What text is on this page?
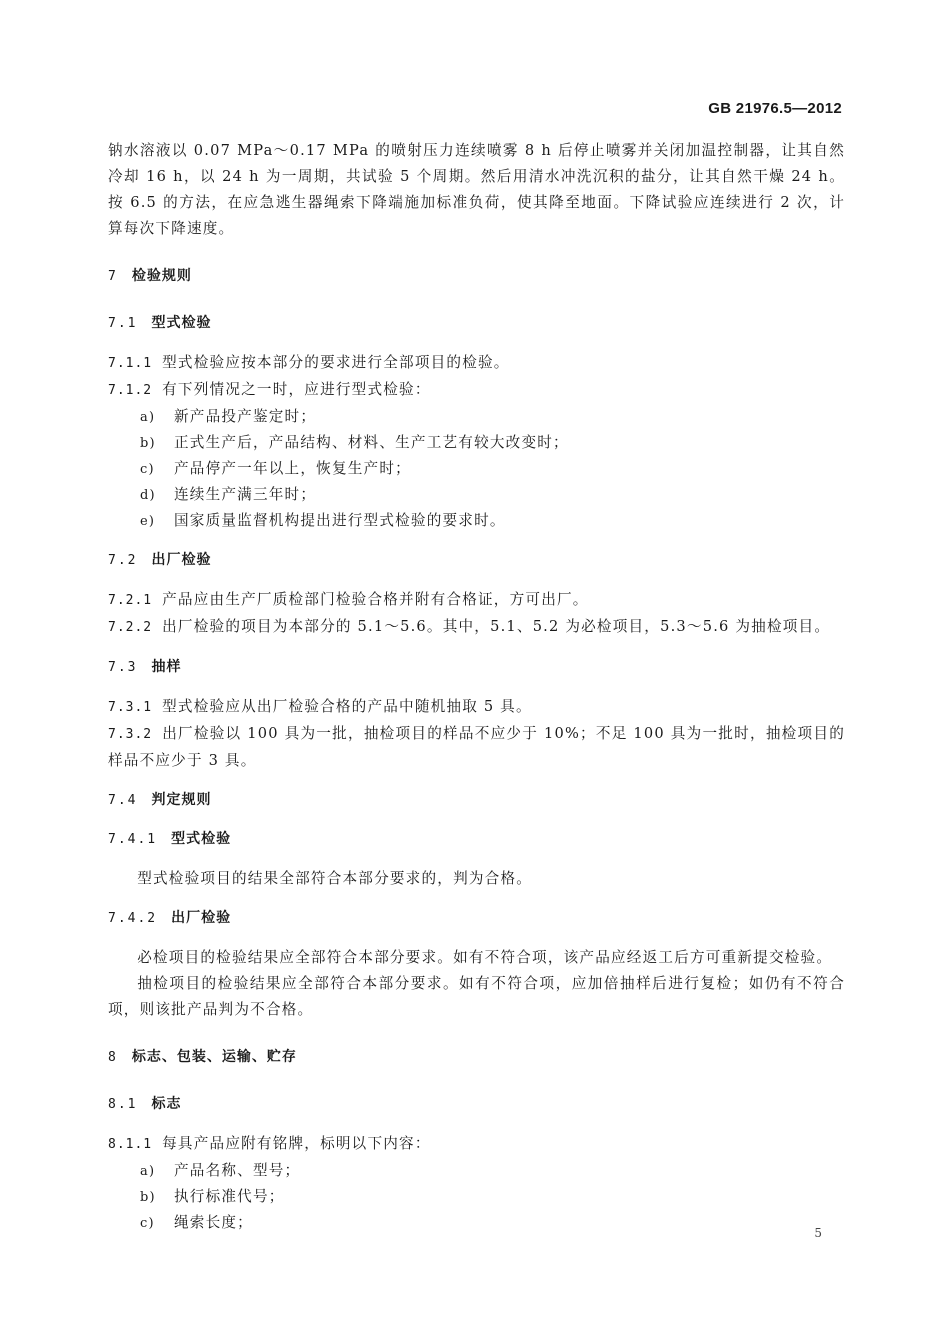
GB 21976.5—2012

钠水溶液以 0.07 MPa～0.17 MPa 的喷射压力连续喷雾 8 h 后停止喷雾并关闭加温控制器，让其自然冷却 16 h，以 24 h 为一周期，共试验 5 个周期。然后用清水冲洗沉积的盐分，让其自然干燥 24 h。按 6.5 的方法，在应急逃生器绳索下降端施加标准负荷，使其降至地面。下降试验应连续进行 2 次，计算每次下降速度。

7 检验规则
7.1 型式检验

7.1.1 型式检验应按本部分的要求进行全部项目的检验。

7.1.2 有下列情况之一时，应进行型式检验：

a) 新产品投产鉴定时；

b) 正式生产后，产品结构、材料、生产工艺有较大改变时；

c) 产品停产一年以上，恢复生产时；

d) 连续生产满三年时；

e) 国家质量监督机构提出进行型式检验的要求时。

7.2 出厂检验

7.2.1 产品应由生产厂质检部门检验合格并附有合格证，方可出厂。

7.2.2 出厂检验的项目为本部分的 5.1～5.6。其中，5.1、5.2 为必检项目，5.3～5.6 为抽检项目。

7.3 抽样

7.3.1 型式检验应从出厂检验合格的产品中随机抽取 5 具。

7.3.2 出厂检验以 100 具为一批，抽检项目的样品不应少于 10%；不足 100 具为一批时，抽检项目的样品不应少于 3 具。

7.4 判定规则
7.4.1 型式检验

型式检验项目的结果全部符合本部分要求的，判为合格。

7.4.2 出厂检验

必检项目的检验结果应全部符合本部分要求。如有不符合项，该产品应经返工后方可重新提交检验。

抽检项目的检验结果应全部符合本部分要求。如有不符合项，应加倍抽样后进行复检；如仍有不符合项，则该批产品判为不合格。

8 标志、包装、运输、贮存
8.1 标志

8.1.1 每具产品应附有铭牌，标明以下内容：

a) 产品名称、型号；

b) 执行标准代号；

c) 绳索长度；

5
